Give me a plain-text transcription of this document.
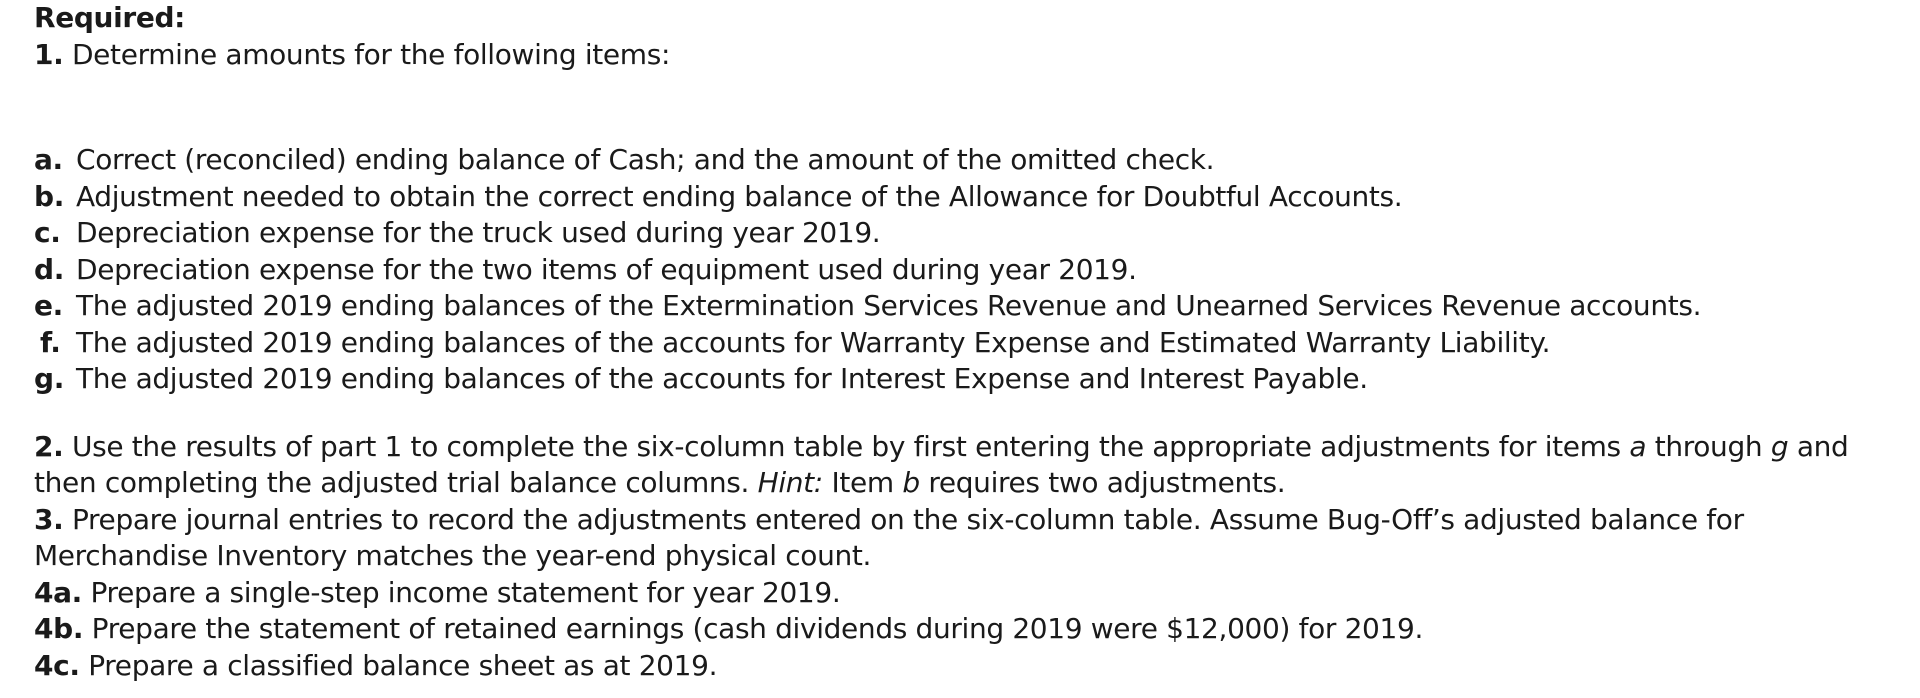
Required:
1. Determine amounts for the following items:
a. Correct (reconciled) ending balance of Cash; and the amount of the omitted check.
b. Adjustment needed to obtain the correct ending balance of the Allowance for Doubtful Accounts.
c. Depreciation expense for the truck used during year 2019.
d. Depreciation expense for the two items of equipment used during year 2019.
e. The adjusted 2019 ending balances of the Extermination Services Revenue and Unearned Services Revenue accounts.
f. The adjusted 2019 ending balances of the accounts for Warranty Expense and Estimated Warranty Liability.
g. The adjusted 2019 ending balances of the accounts for Interest Expense and Interest Payable.
2. Use the results of part 1 to complete the six-column table by first entering the appropriate adjustments for items a through g and
then completing the adjusted trial balance columns. Hint: Item b requires two adjustments.
3. Prepare journal entries to record the adjustments entered on the six-column table. Assume Bug-Off’s adjusted balance for
Merchandise Inventory matches the year-end physical count.
4a. Prepare a single-step income statement for year 2019.
4b. Prepare the statement of retained earnings (cash dividends during 2019 were $12,000) for 2019.
4c. Prepare a classified balance sheet as at 2019.
